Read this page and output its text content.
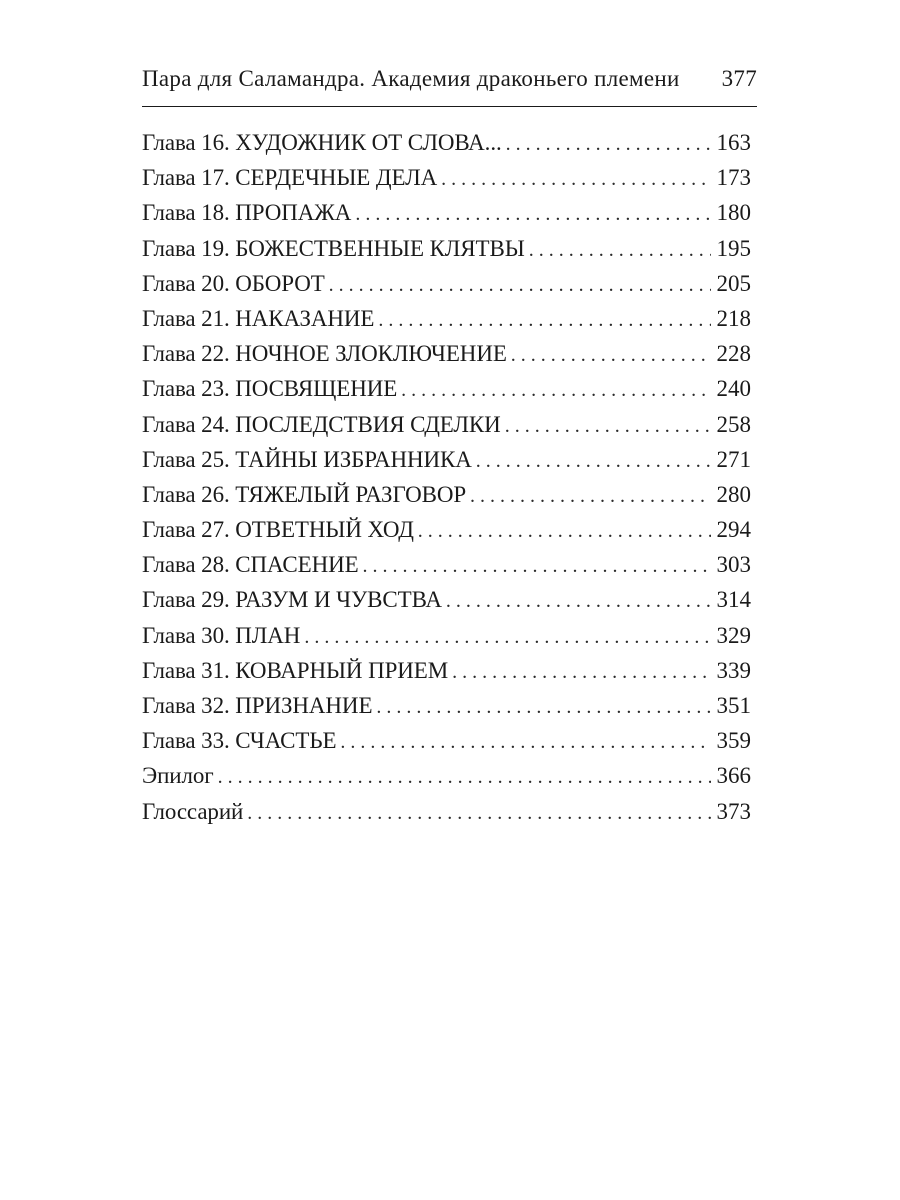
Пара для Саламандра. Академия драконьего племени 377
Глава 16. ХУДОЖНИК ОТ СЛОВА... . . .	163
Глава 17. СЕРДЕЧНЫЕ ДЕЛА . . .	173
Глава 18. ПРОПАЖА . . .	180
Глава 19. БОЖЕСТВЕННЫЕ КЛЯТВЫ . . .	195
Глава 20. ОБОРОТ . . .	205
Глава 21. НАКАЗАНИЕ . . .	218
Глава 22. НОЧНОЕ ЗЛОКЛЮЧЕНИЕ . . .	228
Глава 23. ПОСВЯЩЕНИЕ . . .	240
Глава 24. ПОСЛЕДСТВИЯ СДЕЛКИ . . .	258
Глава 25. ТАЙНЫ ИЗБРАННИКА . . .	271
Глава 26. ТЯЖЕЛЫЙ РАЗГОВОР . . .	280
Глава 27. ОТВЕТНЫЙ ХОД . . .	294
Глава 28. СПАСЕНИЕ . . .	303
Глава 29. РАЗУМ И ЧУВСТВА . . .	314
Глава 30. ПЛАН . . .	329
Глава 31. КОВАРНЫЙ ПРИЕМ . . .	339
Глава 32. ПРИЗНАНИЕ . . .	351
Глава 33. СЧАСТЬЕ . . .	359
Эпилог . . .	366
Глоссарий . . .	373
